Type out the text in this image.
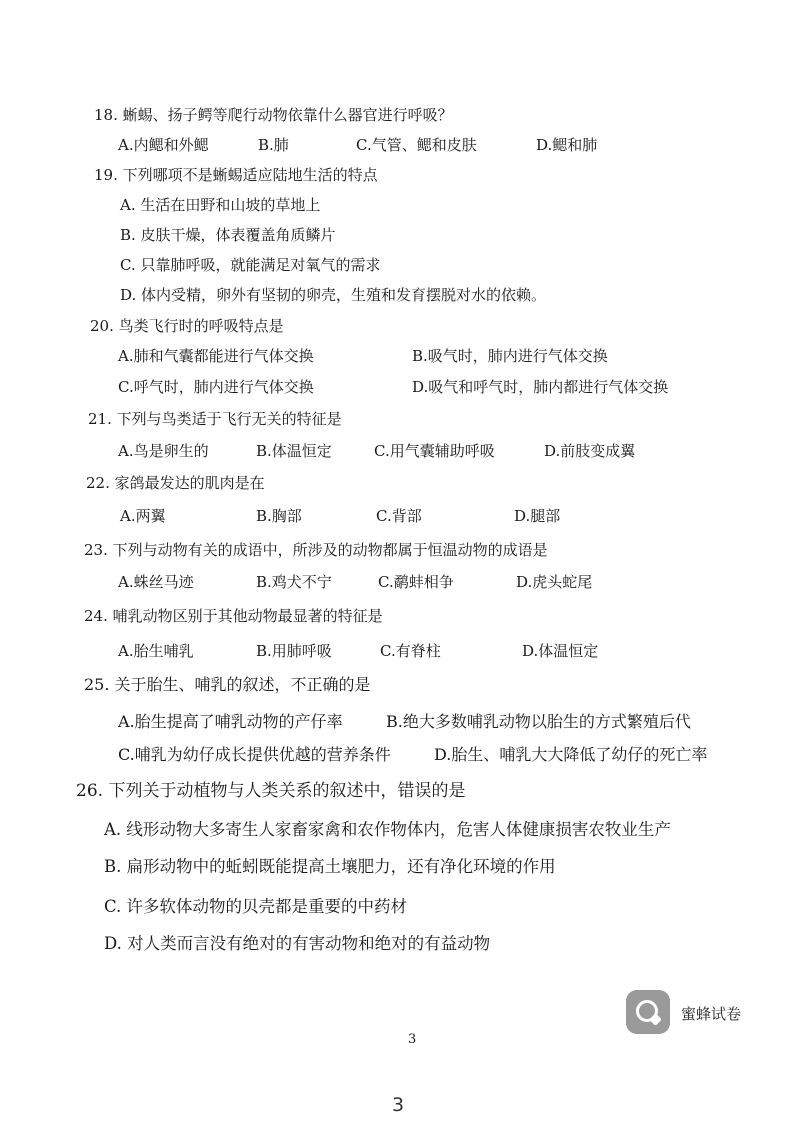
18. 蜥蜴、扬子鳄等爬行动物依靠什么器官进行呼吸？
A.内鳃和外鳃	B.肺	C.气管、鳃和皮肤	D.鳃和肺
19. 下列哪项不是蜥蜴适应陆地生活的特点
A. 生活在田野和山坡的草地上
B. 皮肤干燥，体表覆盖角质鳞片
C. 只靠肺呼吸，就能满足对氧气的需求
D. 体内受精，卵外有坚韧的卵壳，生殖和发育摆脱对水的依赖。
20. 鸟类飞行时的呼吸特点是
A.肺和气囊都能进行气体交换	B.吸气时，肺内进行气体交换
C.呼气时，肺内进行气体交换	D.吸气和呼气时，肺内都进行气体交换
21. 下列与鸟类适于飞行无关的特征是
A.鸟是卵生的	B.体温恒定	C.用气囊辅助呼吸	D.前肢变成翼
22. 家鸽最发达的肌肉是在
A.两翼	B.胸部	C.背部	D.腿部
23. 下列与动物有关的成语中，所涉及的动物都属于恒温动物的成语是
A.蛛丝马迹	B.鸡犬不宁	C.鹬蚌相争	D.虎头蛇尾
24. 哺乳动物区别于其他动物最显著的特征是
A.胎生哺乳	B.用肺呼吸	C.有脊柱	D.体温恒定
25. 关于胎生、哺乳的叙述，不正确的是
A.胎生提高了哺乳动物的产仔率	B.绝大多数哺乳动物以胎生的方式繁殖后代
C.哺乳为幼仔成长提供优越的营养条件	D.胎生、哺乳大大降低了幼仔的死亡率
26. 下列关于动植物与人类关系的叙述中，错误的是
A. 线形动物大多寄生人家畜家禽和农作物体内，危害人体健康损害农牧业生产
B. 扁形动物中的蚯蚓既能提高土壤肥力，还有净化环境的作用
C. 许多软体动物的贝壳都是重要的中药材
D. 对人类而言没有绝对的有害动物和绝对的有益动物
蜜蜂试卷
3
3
